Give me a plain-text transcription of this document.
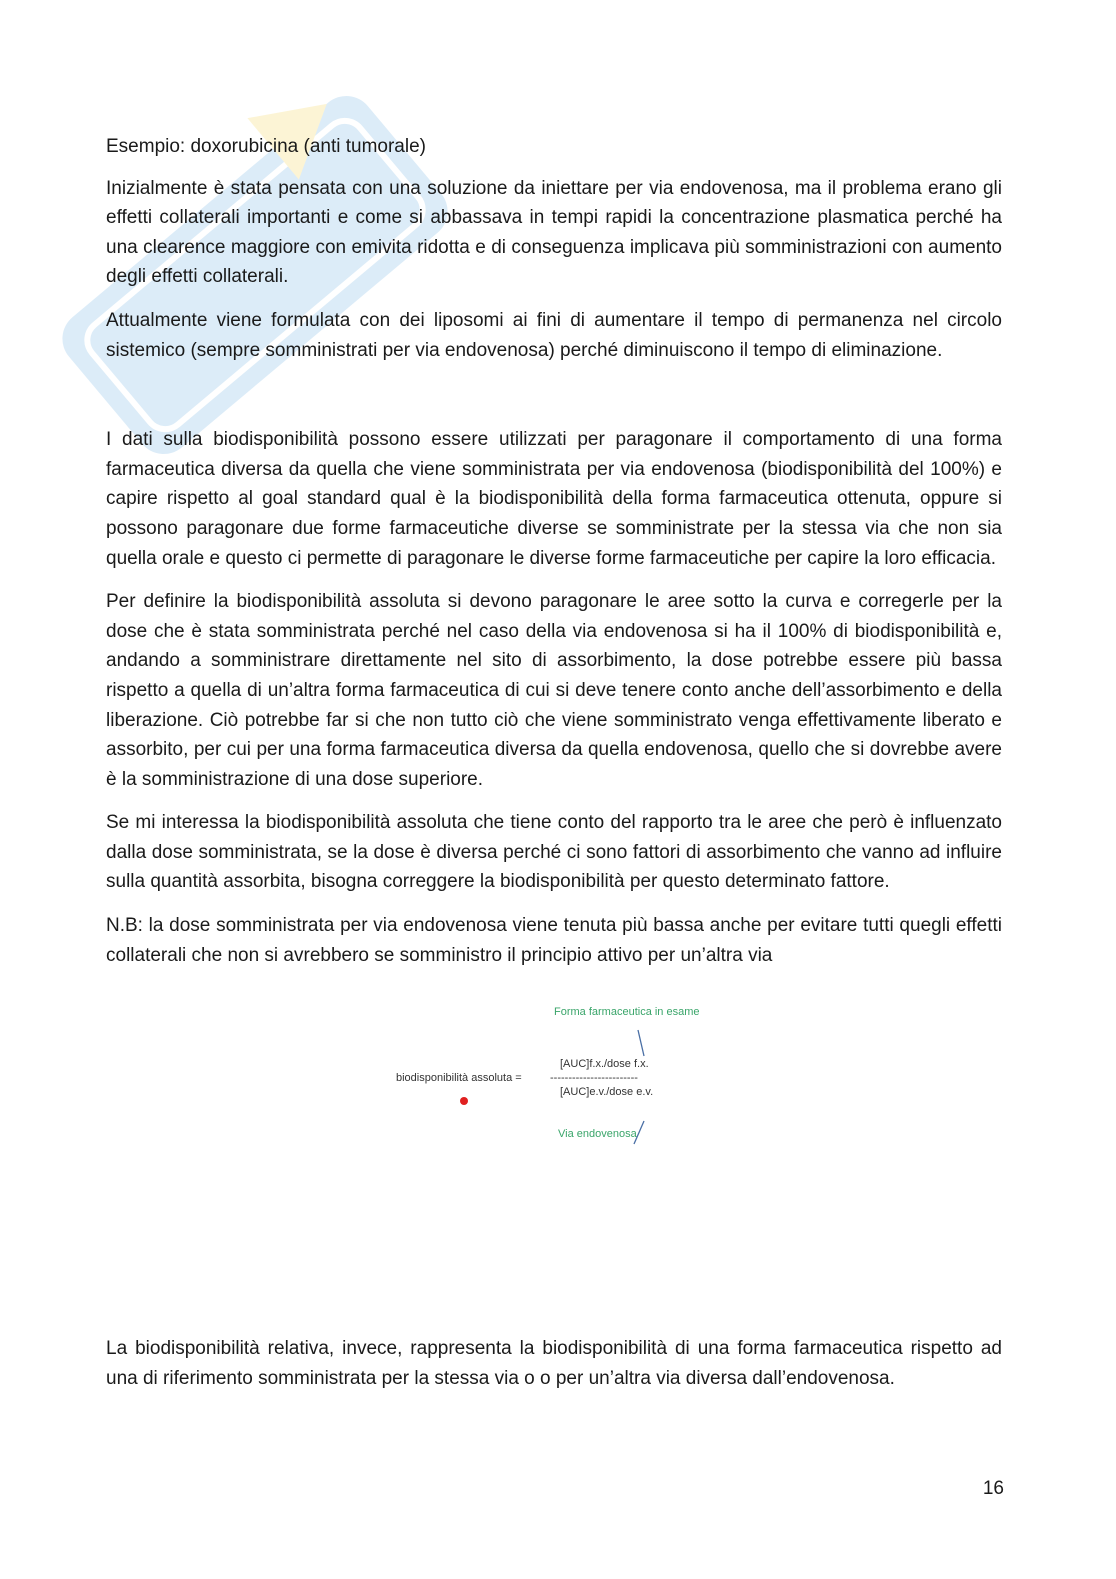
Esempio: doxorubicina (anti tumorale)

Inizialmente è stata pensata con una soluzione da iniettare per via endovenosa, ma il problema erano gli effetti collaterali importanti e come si abbassava in tempi rapidi la concentrazione plasmatica perché ha una clearence maggiore con emivita ridotta e di conseguenza implicava più somministrazioni con aumento degli effetti collaterali.

Attualmente viene formulata con dei liposomi ai fini di aumentare il tempo di permanenza nel circolo sistemico (sempre somministrati per via endovenosa) perché diminuiscono il tempo di eliminazione.

I dati sulla biodisponibilità possono essere utilizzati per paragonare il comportamento di una forma farmaceutica diversa da quella che viene somministrata per via endovenosa (biodisponibilità del 100%) e capire rispetto al goal standard qual è la biodisponibilità della forma farmaceutica ottenuta, oppure si possono paragonare due forme farmaceutiche diverse se somministrate per la stessa via che non sia quella orale e questo ci permette di paragonare le diverse forme farmaceutiche per capire la loro efficacia.

Per definire la biodisponibilità assoluta si devono paragonare le aree sotto la curva e corregerle per la dose che è stata somministrata perché nel caso della via endovenosa si ha il 100% di biodisponibilità e, andando a somministrare direttamente nel sito di assorbimento, la dose potrebbe essere più bassa rispetto a quella di un’altra forma farmaceutica di cui si deve tenere conto anche dell’assorbimento e della liberazione. Ciò potrebbe far si che non tutto ciò che viene somministrato venga effettivamente liberato e assorbito, per cui per una forma farmaceutica diversa da quella endovenosa, quello che si dovrebbe avere è la somministrazione di una dose superiore.

Se mi interessa la biodisponibilità assoluta che tiene conto del rapporto tra le aree che però è influenzato dalla dose somministrata, se la dose è diversa perché ci sono fattori di assorbimento che vanno ad influire sulla quantità assorbita, bisogna correggere la biodisponibilità per questo determinato fattore.

N.B: la dose somministrata per via endovenosa viene tenuta più bassa anche per evitare tutti quegli effetti collaterali che non si avrebbero se somministro il principio attivo per un’altra via

Forma farmaceutica in esame
biodisponibilità assoluta =
[AUC]f.x./dose f.x.
------------------------
[AUC]e.v./dose e.v.
Via endovenosa

La biodisponibilità relativa, invece, rappresenta la biodisponibilità di una forma farmaceutica rispetto ad una di riferimento somministrata per la stessa via o o per un’altra via diversa dall’endovenosa.

16
